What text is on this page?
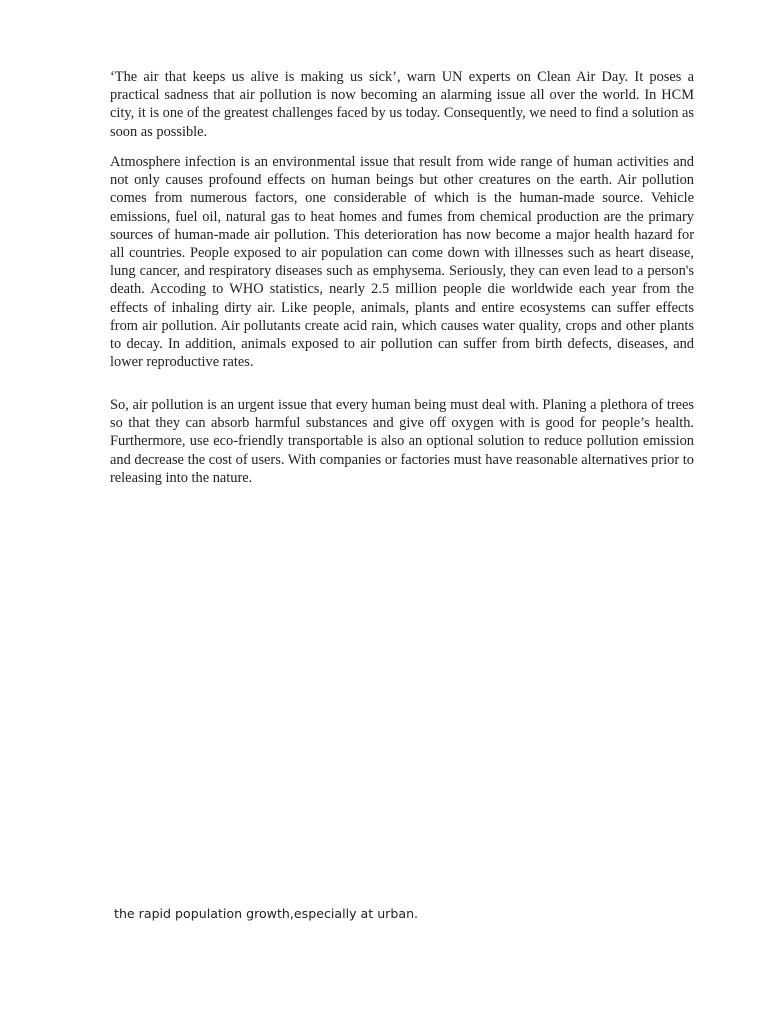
‘The air that keeps us alive is making us sick’, warn UN experts on Clean Air Day. It poses a practical sadness that air pollution is now becoming an alarming issue all over the world. In HCM city, it is one of the greatest challenges faced by us today. Consequently, we need to find a solution as soon as possible.

Atmosphere infection is an environmental issue that result from wide range of human activities and not only causes profound effects on human beings but other creatures on the earth. Air pollution comes from numerous factors, one considerable of which is the human-made source. Vehicle emissions, fuel oil, natural gas to heat homes and fumes from chemical production are the primary sources of human-made air pollution. This deterioration has now become a major health hazard for all countries. People exposed to air population can come down with illnesses such as heart disease, lung cancer, and respiratory diseases such as emphysema. Seriously, they can even lead to a person's death. Accoding to WHO statistics, nearly 2.5 million people die worldwide each year from the effects of inhaling dirty air. Like people, animals, plants and entire ecosystems can suffer effects from air pollution. Air pollutants create acid rain, which causes water quality, crops and other plants to decay. In addition, animals exposed to air pollution can suffer from birth defects, diseases, and lower reproductive rates.

So, air pollution is an urgent issue that every human being must deal with. Planing a plethora of trees so that they can absorb harmful substances and give off oxygen with is good for people’s health. Furthermore, use eco-friendly transportable is also an optional solution to reduce pollution emission and decrease the cost of users. With companies or factories must have reasonable alternatives prior to releasing into the nature.

the rapid population growth,especially at urban.
